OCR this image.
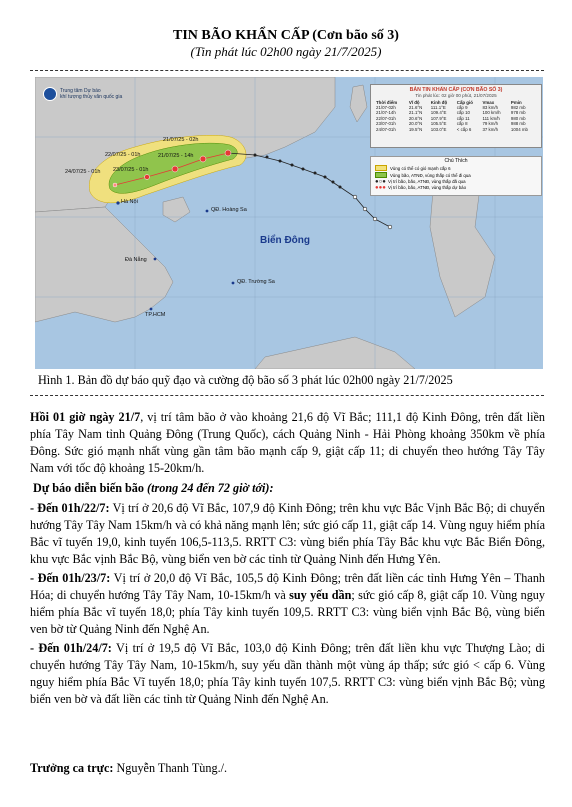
TIN BÃO KHẨN CẤP (Cơn bão số 3)
(Tin phát lúc 02h00 ngày 21/7/2025)
Trung tâm Dự báo
khí tượng thủy văn quốc gia
21/07/25 - 02h
22/07/25 - 01h	21/07/25 - 14h
24/07/25 - 01h 23/07/25 - 01h
Hà Nội
Đà Nẵng
QĐ. Hoàng Sa
TP.HCM
QĐ. Trường Sa
Biển Đông
BẢN TIN KHẨN CẤP (CƠN BÃO SỐ 3)
Tin phát lúc: 02 giờ 00 phút, 21/07/2025
Thời điểm	Vĩ độ	Kinh độ	Cấp gió	Vmax	Pmin
21/07-02h	21.6°N	111.1°E	cấp 9	83 km/h	982 mb
21/07-14h	21.1°N	109.4°E	cấp 10	100 km/h	978 mb
22/07-01h	20.6°N	107.9°E	cấp 11	111 km/h	980 mb
23/07-01h	20.0°N	105.5°E	cấp 8	79 km/h	988 mb
24/07-01h	19.5°N	103.0°E	< cấp 6	37 km/h	1004 mb
Chú Thích
Vùng có thể có gió mạnh cấp 6
Vùng bão, ATNĐ, vùng thấp có thể đi qua
●○● Vị trí bão, bão, ATNĐ, vùng thấp đã qua
●●● Vị trí bão, bão, ATNĐ, vùng thấp dự báo
Hình 1. Bản đồ dự báo quỹ đạo và cường độ bão số 3 phát lúc 02h00 ngày 21/7/2025

Hồi 01 giờ ngày 21/7, vị trí tâm bão ở vào khoảng 21,6 độ Vĩ Bắc; 111,1 độ Kinh Đông, trên đất liền phía Tây Nam tỉnh Quảng Đông (Trung Quốc), cách Quảng Ninh - Hải Phòng khoảng 350km về phía Đông. Sức gió mạnh nhất vùng gần tâm bão mạnh cấp 9, giật cấp 11; di chuyển theo hướng Tây Tây Nam với tốc độ khoảng 15-20km/h.

Dự báo diễn biến bão (trong 24 đến 72 giờ tới):

- Đến 01h/22/7: Vị trí ở 20,6 độ Vĩ Bắc, 107,9 độ Kinh Đông; trên khu vực Bắc Vịnh Bắc Bộ; di chuyển hướng Tây Tây Nam 15km/h và có khả năng mạnh lên; sức gió cấp 11, giật cấp 14. Vùng nguy hiểm phía Bắc vĩ tuyến 19,0, kinh tuyến 106,5-113,5. RRTT C3: vùng biển phía Tây Bắc khu vực Bắc Biển Đông, khu vực Bắc vịnh Bắc Bộ, vùng biển ven bờ các tỉnh từ Quảng Ninh đến Hưng Yên.

- Đến 01h/23/7: Vị trí ở 20,0 độ Vĩ Bắc, 105,5 độ Kinh Đông; trên đất liền các tỉnh Hưng Yên – Thanh Hóa; di chuyển hướng Tây Tây Nam, 10-15km/h và suy yếu dần; sức gió cấp 8, giật cấp 10. Vùng nguy hiểm phía Bắc vĩ tuyến 18,0; phía Tây kinh tuyến 109,5. RRTT C3: vùng biển vịnh Bắc Bộ, vùng biển ven bờ từ Quảng Ninh đến Nghệ An.

- Đến 01h/24/7: Vị trí ở 19,5 độ Vĩ Bắc, 103,0 độ Kinh Đông; trên đất liền khu vực Thượng Lào; di chuyển hướng Tây Tây Nam, 10-15km/h, suy yếu dần thành một vùng áp thấp; sức gió < cấp 6. Vùng nguy hiểm phía Bắc Vĩ tuyến 18,0; phía Tây kinh tuyến 107,5. RRTT C3: vùng biển vịnh Bắc Bộ; vùng biển ven bờ và đất liền các tỉnh từ Quảng Ninh đến Nghệ An.

Trưởng ca trực: Nguyễn Thanh Tùng./.
